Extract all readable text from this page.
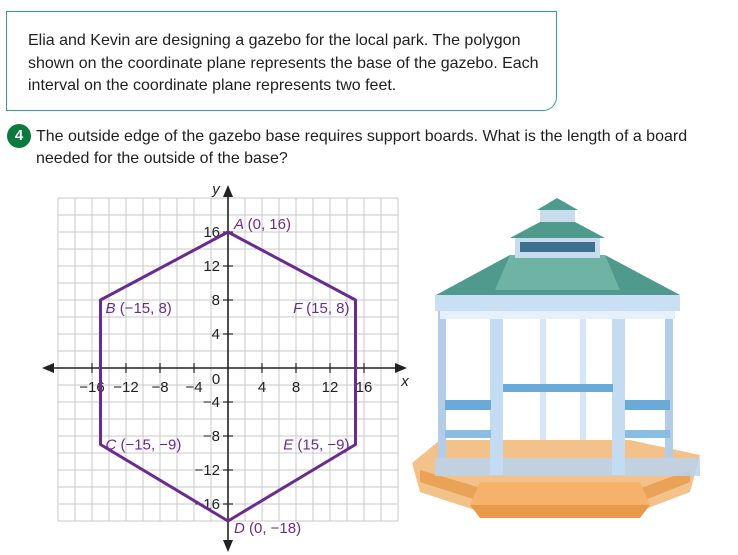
Elia and Kevin are designing a gazebo for the local park. The polygon shown on the coordinate plane represents the base of the gazebo. Each interval on the coordinate plane represents two feet.
4 The outside edge of the gazebo base requires support boards. What is the length of a board needed for the outside of the base?
−16 −12 −8 −4	4 8 12 16
16
12
8
4
−4
−8
−12
−16
0	x
y
A (0, 16)
F (15, 8)
E (15, −9)
D (0, −18)
C (−15, −9)
B (−15, 8)
